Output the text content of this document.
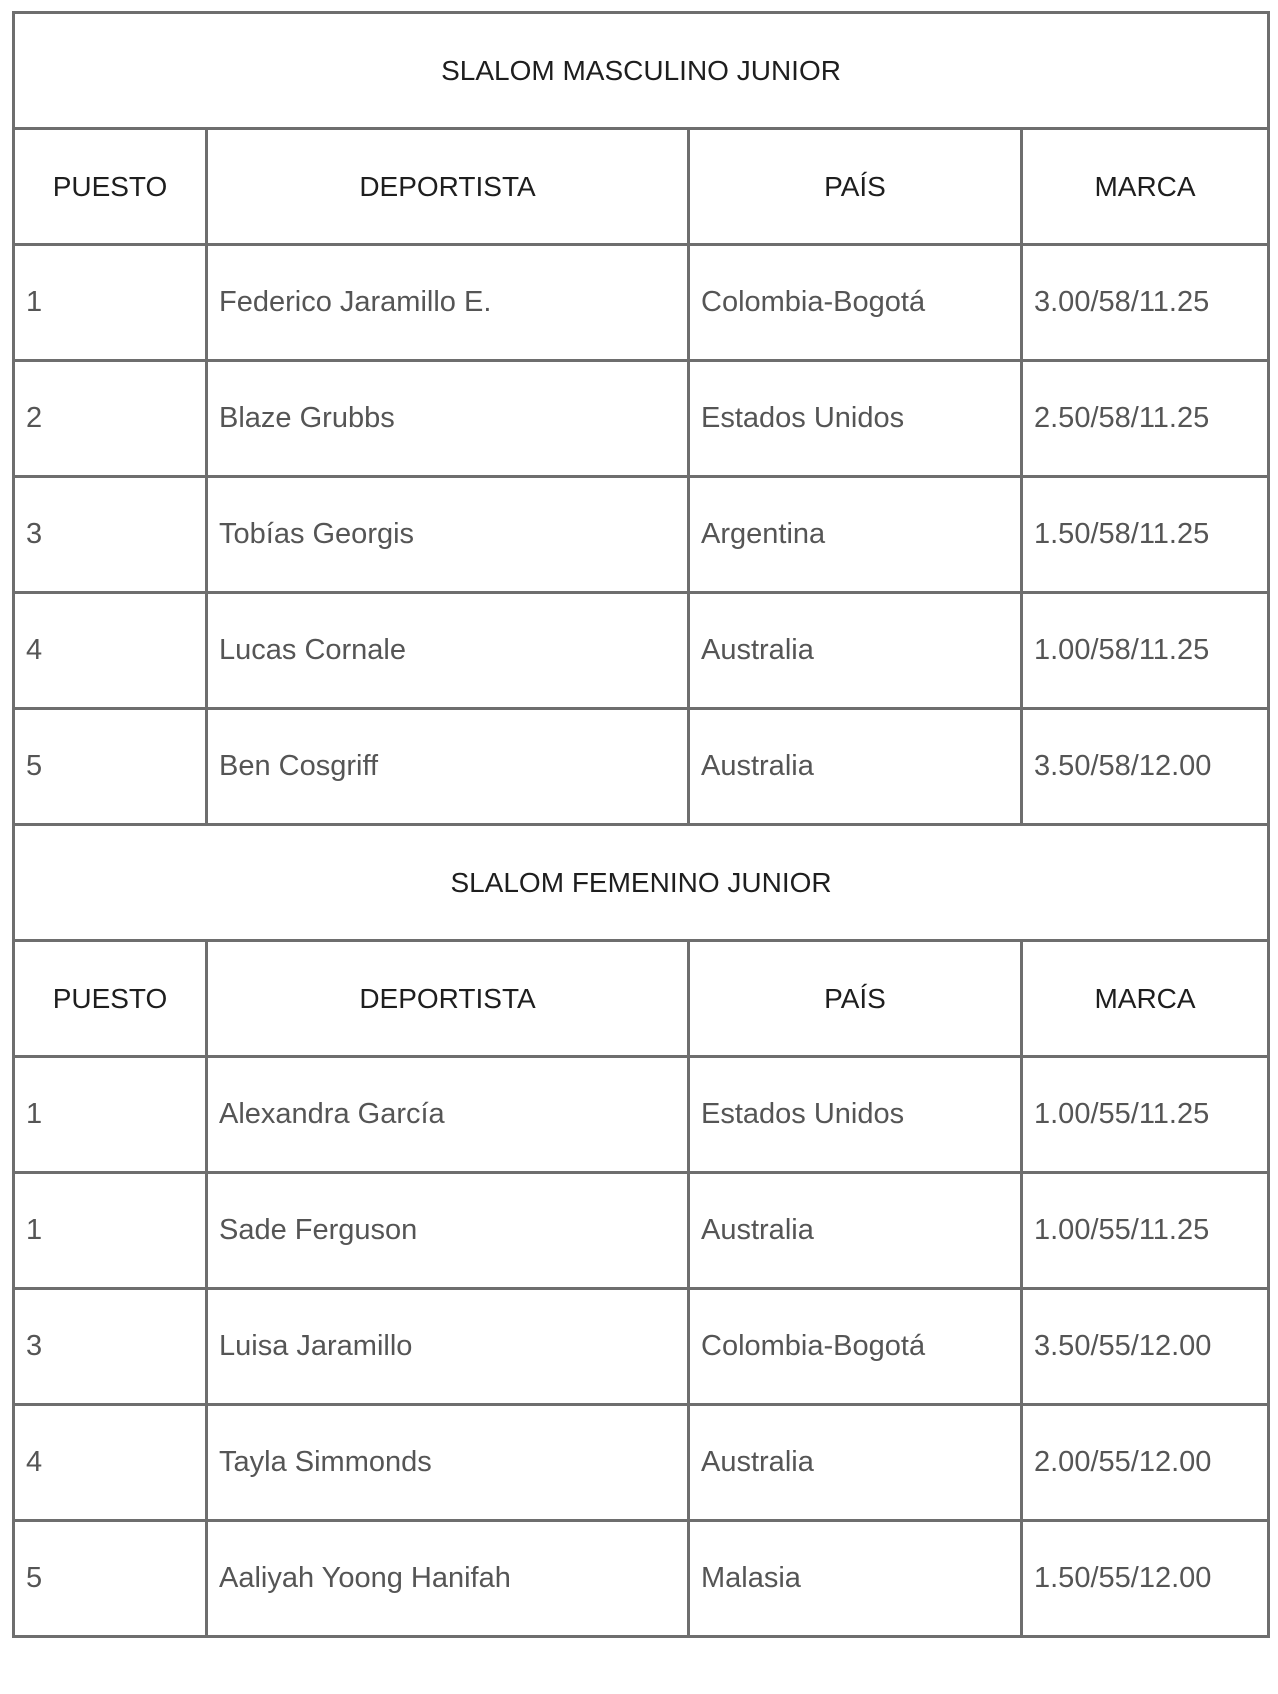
SLALOM MASCULINO JUNIOR			
PUESTO	DEPORTISTA	PAÍS	MARCA
1	Federico Jaramillo E.	Colombia-Bogotá	3.00/58/11.25
2	Blaze Grubbs	Estados Unidos	2.50/58/11.25
3	Tobías Georgis	Argentina	1.50/58/11.25
4	Lucas Cornale	Australia	1.00/58/11.25
5	Ben Cosgriff	Australia	3.50/58/12.00
SLALOM FEMENINO JUNIOR			
PUESTO	DEPORTISTA	PAÍS	MARCA
1	Alexandra García	Estados Unidos	1.00/55/11.25
1	Sade Ferguson	Australia	1.00/55/11.25
3	Luisa Jaramillo	Colombia-Bogotá	3.50/55/12.00
4	Tayla Simmonds	Australia	2.00/55/12.00
5	Aaliyah Yoong Hanifah	Malasia	1.50/55/12.00
